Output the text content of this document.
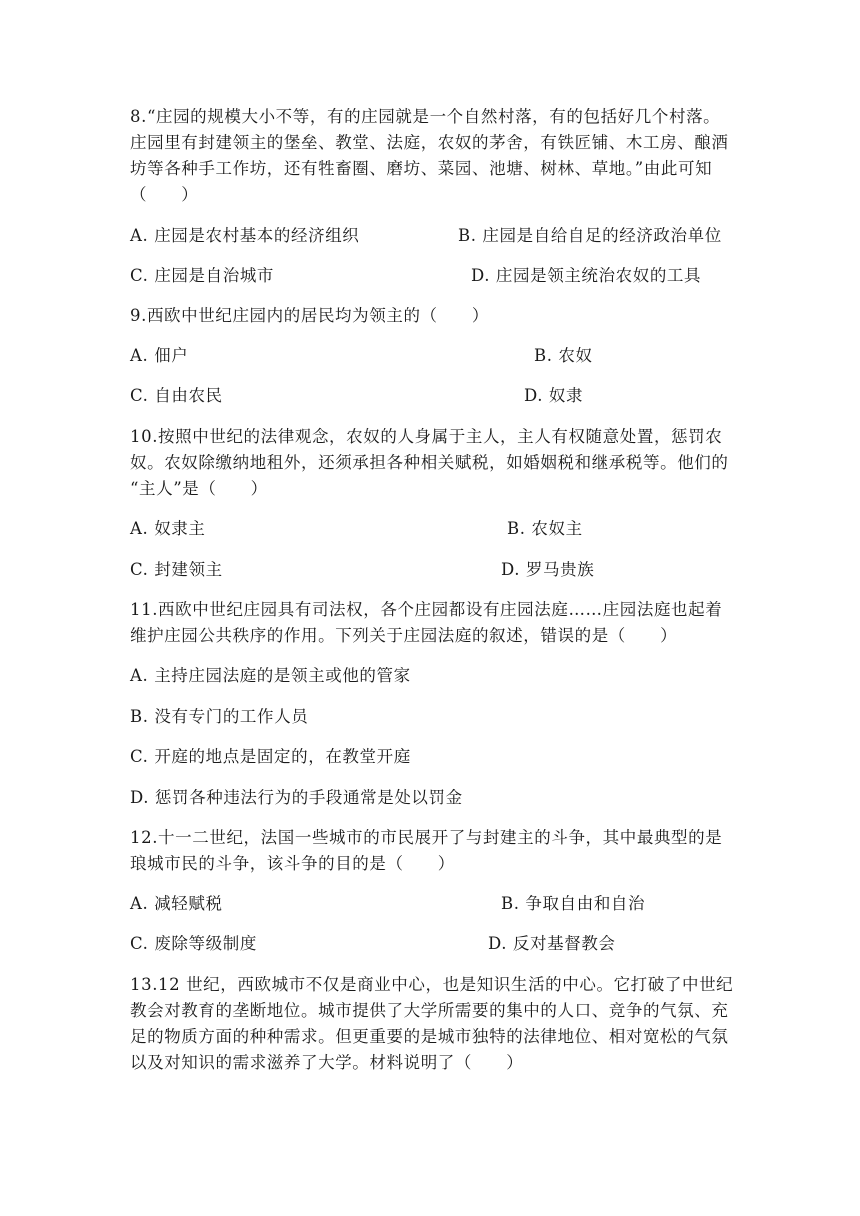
8.“庄园的规模大小不等，有的庄园就是一个自然村落，有的包括好几个村落。
庄园里有封建领主的堡垒、教堂、法庭，农奴的茅舍，有铁匠铺、木工房、酿酒
坊等各种手工作坊，还有牲畜圈、磨坊、菜园、池塘、树林、草地。”由此可知
（　　）
A. 庄园是农村基本的经济组织	B. 庄园是自给自足的经济政治单位
C. 庄园是自治城市	D. 庄园是领主统治农奴的工具
9.西欧中世纪庄园内的居民均为领主的（　　）
A. 佃户	B. 农奴
C. 自由农民	D. 奴隶
10.按照中世纪的法律观念，农奴的人身属于主人，主人有权随意处置，惩罚农
奴。农奴除缴纳地租外，还须承担各种相关赋税，如婚姻税和继承税等。他们的
“主人”是（　　）
A. 奴隶主	B. 农奴主
C. 封建领主	D. 罗马贵族
11.西欧中世纪庄园具有司法权，各个庄园都设有庄园法庭……庄园法庭也起着
维护庄园公共秩序的作用。下列关于庄园法庭的叙述，错误的是（　　）
A. 主持庄园法庭的是领主或他的管家
B. 没有专门的工作人员
C. 开庭的地点是固定的，在教堂开庭
D. 惩罚各种违法行为的手段通常是处以罚金
12.十一二世纪，法国一些城市的市民展开了与封建主的斗争，其中最典型的是
琅城市民的斗争，该斗争的目的是（　　）
A. 减轻赋税	B. 争取自由和自治
C. 废除等级制度	D. 反对基督教会
13.12 世纪，西欧城市不仅是商业中心，也是知识生活的中心。它打破了中世纪
教会对教育的垄断地位。城市提供了大学所需要的集中的人口、竞争的气氛、充
足的物质方面的种种需求。但更重要的是城市独特的法律地位、相对宽松的气氛
以及对知识的需求滋养了大学。材料说明了（　　）
